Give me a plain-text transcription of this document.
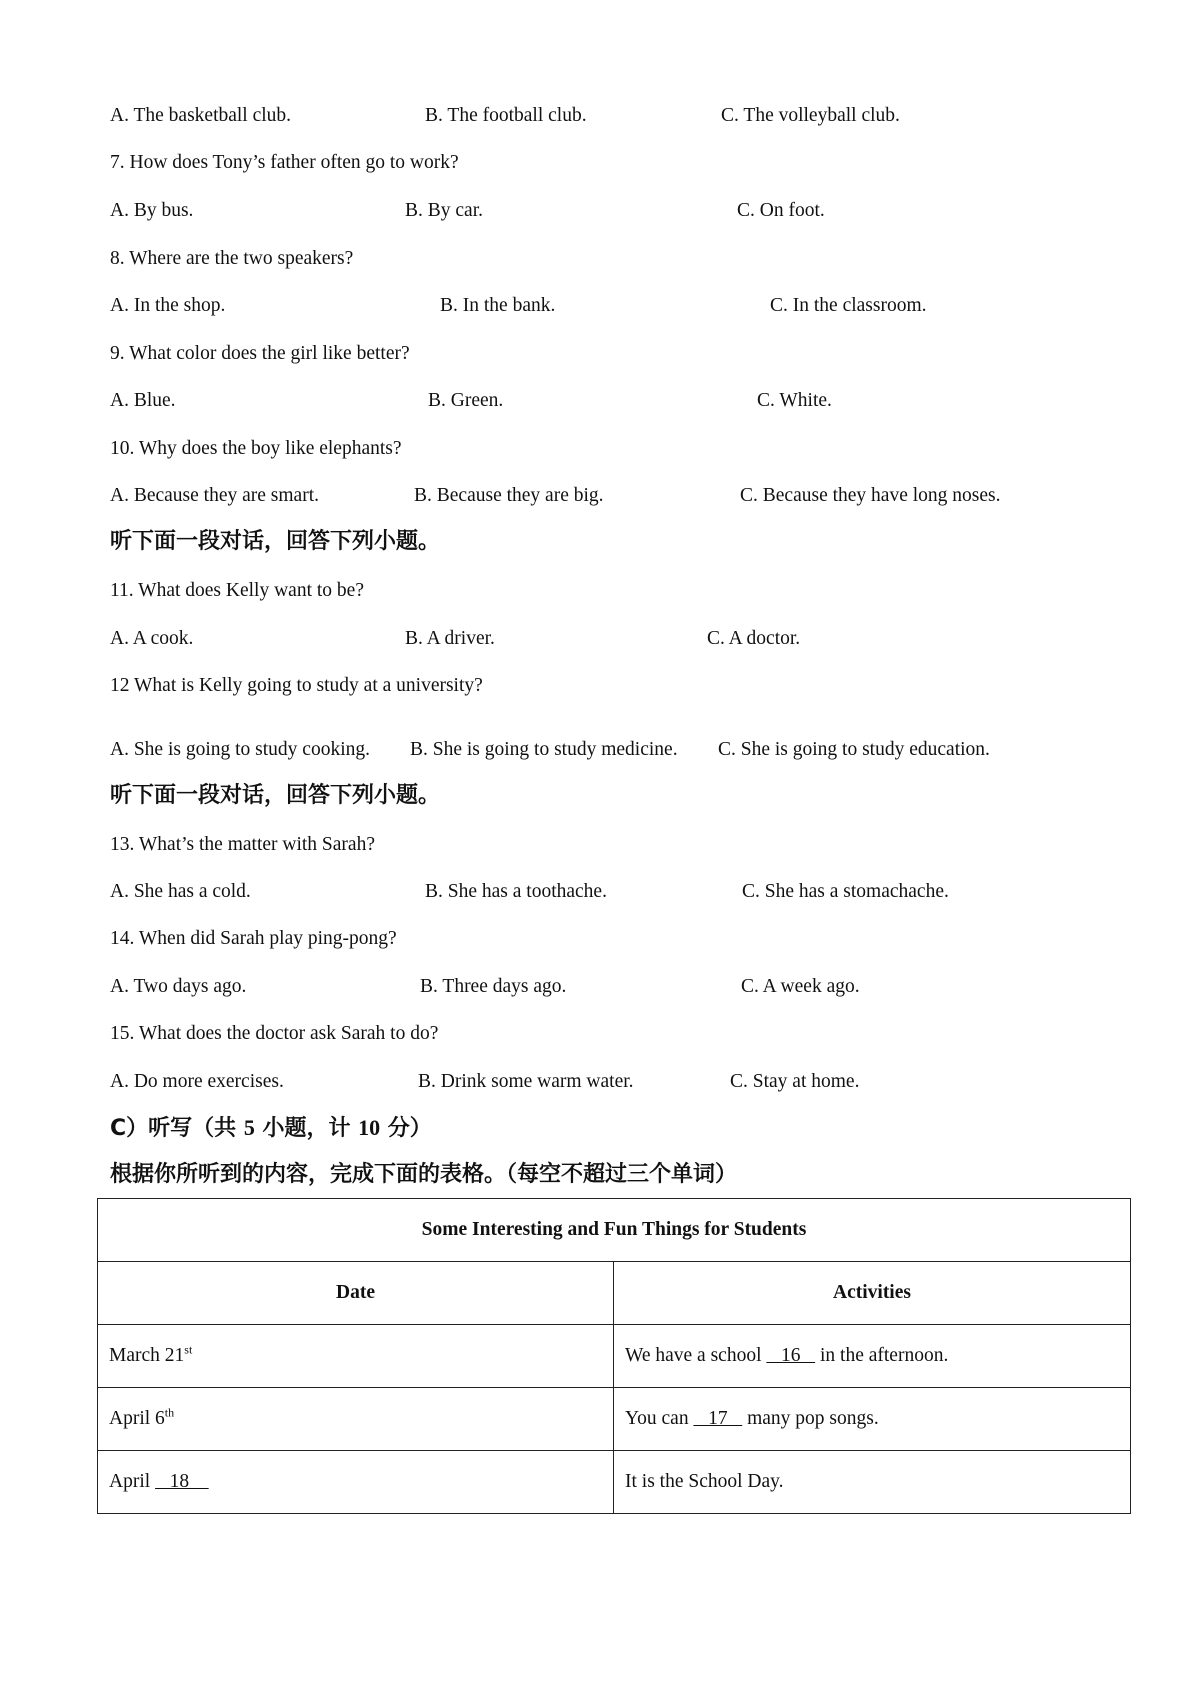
A. The basketball club.	B. The football club.	C. The volleyball club.
7. How does Tony’s father often go to work?
A. By bus.	B. By car.	C. On foot.
8. Where are the two speakers?
A. In the shop.	B. In the bank.	C. In the classroom.
9. What color does the girl like better?
A. Blue.	B. Green.	C. White.
10. Why does the boy like elephants?
A. Because they are smart.	B. Because they are big.	C. Because they have long noses.
听下面一段对话，回答下列小题。
11. What does Kelly want to be?
A. A cook.	B. A driver.	C. A doctor.
12 What is Kelly going to study at a university?
A. She is going to study cooking. B. She is going to study medicine. C. She is going to study education.
听下面一段对话，回答下列小题。
13. What’s the matter with Sarah?
A. She has a cold.	B. She has a toothache.	C. She has a stomachache.
14. When did Sarah play ping-pong?
A. Two days ago.	B. Three days ago.	C. A week ago.
15. What does the doctor ask Sarah to do?
A. Do more exercises.	B. Drink some warm water.	C. Stay at home.
C）听写（共 5 小题，计 10 分）
根据你所听到的内容，完成下面的表格。（每空不超过三个单词）
Some Interesting and Fun Things for Students	
Date	Activities
March 21st	We have a school    16    in the afternoon.
April 6th	You can    17    many pop songs.
April    18	It is the School Day.
